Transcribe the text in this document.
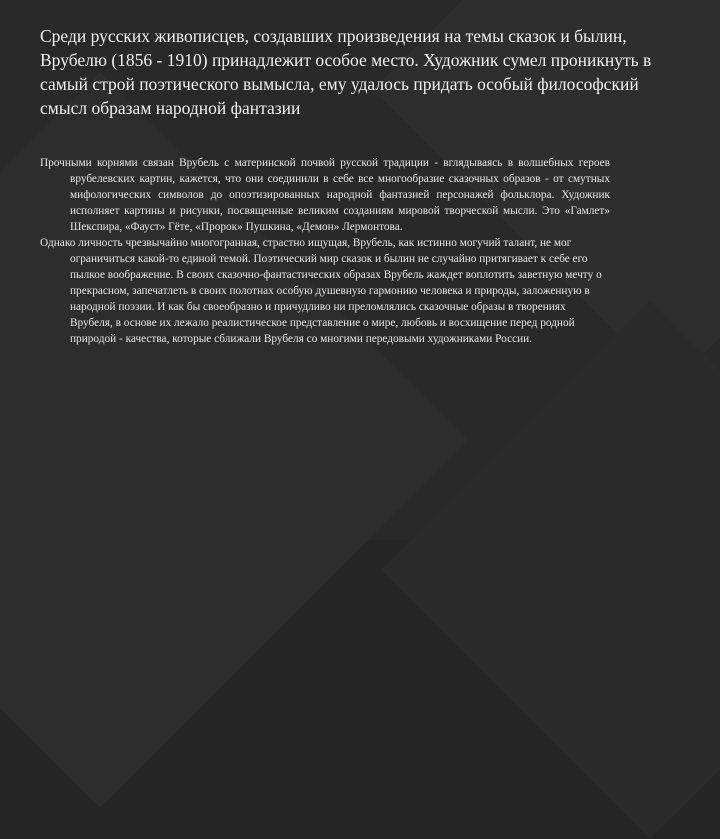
Среди русских живописцев, создавших произведения на темы сказок и былин, Врубелю (1856 - 1910) принадлежит особое место. Художник сумел проникнуть в самый строй поэтического вымысла, ему удалось придать особый философский смысл образам народной фантазии
Прочными корнями связан Врубель с материнской почвой русской традиции - вглядываясь в волшебных героев врубелевских картин, кажется, что они соединили в себе все многообразие сказочных образов - от смутных мифологических символов до опоэтизированных народной фантазией персонажей фольклора. Художник исполняет картины и рисунки, посвященные великим созданиям мировой творческой мысли. Это «Гамлет» Шекспира, «Фауст» Гёте, «Пророк» Пушкина, «Демон» Лермонтова.
Однако личность чрезвычайно многогранная, страстно ищущая, Врубель, как истинно могучий талант, не мог ограничиться какой-то единой темой. Поэтический мир сказок и былин не случайно притягивает к себе его пылкое воображение. В своих сказочно-фантастических образах Врубель жаждет воплотить заветную мечту о прекрасном, запечатлеть в своих полотнах особую душевную гармонию человека и природы, заложенную в народной поэзии. И как бы своеобразно и причудливо ни преломлялись сказочные образы в творениях Врубеля, в основе их лежало реалистическое представление о мире, любовь и восхищение перед родной природой - качества, которые сближали Врубеля со многими передовыми художниками России.
